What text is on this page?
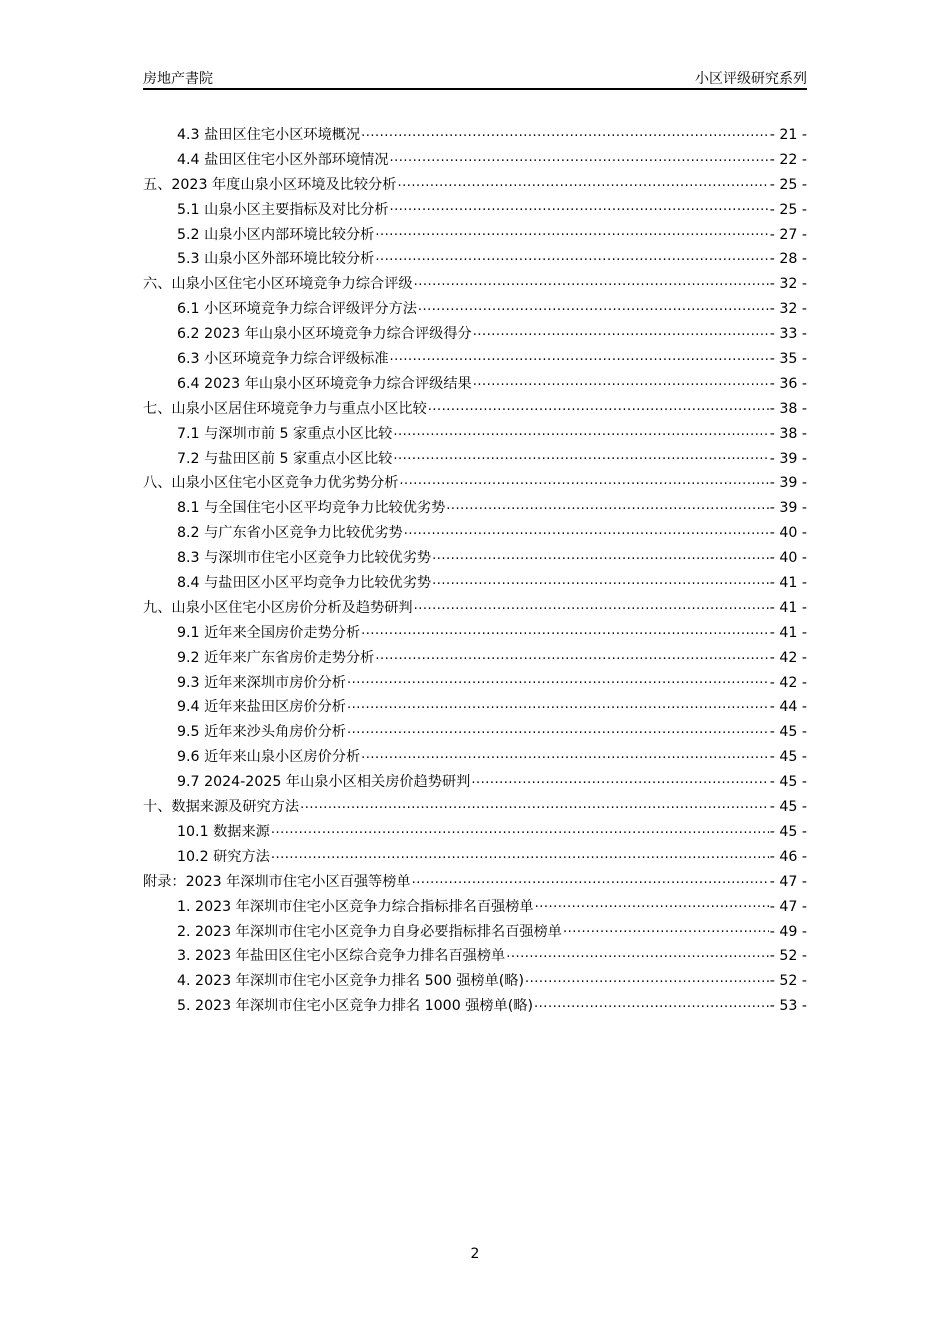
房地产書院	小区评级研究系列
4.3 盐田区住宅小区环境概况 .....	- 21 -
4.4 盐田区住宅小区外部环境情况 .....	- 22 -
五、2023 年度山泉小区环境及比较分析 .....	- 25 -
5.1 山泉小区主要指标及对比分析 .....	- 25 -
5.2 山泉小区内部环境比较分析 .....	- 27 -
5.3 山泉小区外部环境比较分析 .....	- 28 -
六、山泉小区住宅小区环境竞争力综合评级 .....	- 32 -
6.1 小区环境竞争力综合评级评分方法 .....	- 32 -
6.2 2023 年山泉小区环境竞争力综合评级得分 .....	- 33 -
6.3 小区环境竞争力综合评级标准 .....	- 35 -
6.4 2023 年山泉小区环境竞争力综合评级结果 .....	- 36 -
七、山泉小区居住环境竞争力与重点小区比较 .....	- 38 -
7.1 与深圳市前 5 家重点小区比较 .....	- 38 -
7.2 与盐田区前 5 家重点小区比较 .....	- 39 -
八、山泉小区住宅小区竞争力优劣势分析 .....	- 39 -
8.1 与全国住宅小区平均竞争力比较优劣势 .....	- 39 -
8.2 与广东省小区竞争力比较优劣势 .....	- 40 -
8.3 与深圳市住宅小区竞争力比较优劣势 .....	- 40 -
8.4 与盐田区小区平均竞争力比较优劣势 .....	- 41 -
九、山泉小区住宅小区房价分析及趋势研判 .....	- 41 -
9.1 近年来全国房价走势分析 .....	- 41 -
9.2 近年来广东省房价走势分析 .....	- 42 -
9.3 近年来深圳市房价分析 .....	- 42 -
9.4 近年来盐田区房价分析 .....	- 44 -
9.5 近年来沙头角房价分析 .....	- 45 -
9.6 近年来山泉小区房价分析 .....	- 45 -
9.7 2024-2025 年山泉小区相关房价趋势研判 .....	- 45 -
十、数据来源及研究方法 .....	- 45 -
10.1 数据来源 .....	- 45 -
10.2 研究方法 .....	- 46 -
附录：2023 年深圳市住宅小区百强等榜单 .....	- 47 -
1. 2023 年深圳市住宅小区竞争力综合指标排名百强榜单 .....	- 47 -
2. 2023 年深圳市住宅小区竞争力自身必要指标排名百强榜单 .....	- 49 -
3. 2023 年盐田区住宅小区综合竞争力排名百强榜单 .....	- 52 -
4. 2023 年深圳市住宅小区竞争力排名 500 强榜单(略) .....	- 52 -
5. 2023 年深圳市住宅小区竞争力排名 1000 强榜单(略) .....	- 53 -
2
